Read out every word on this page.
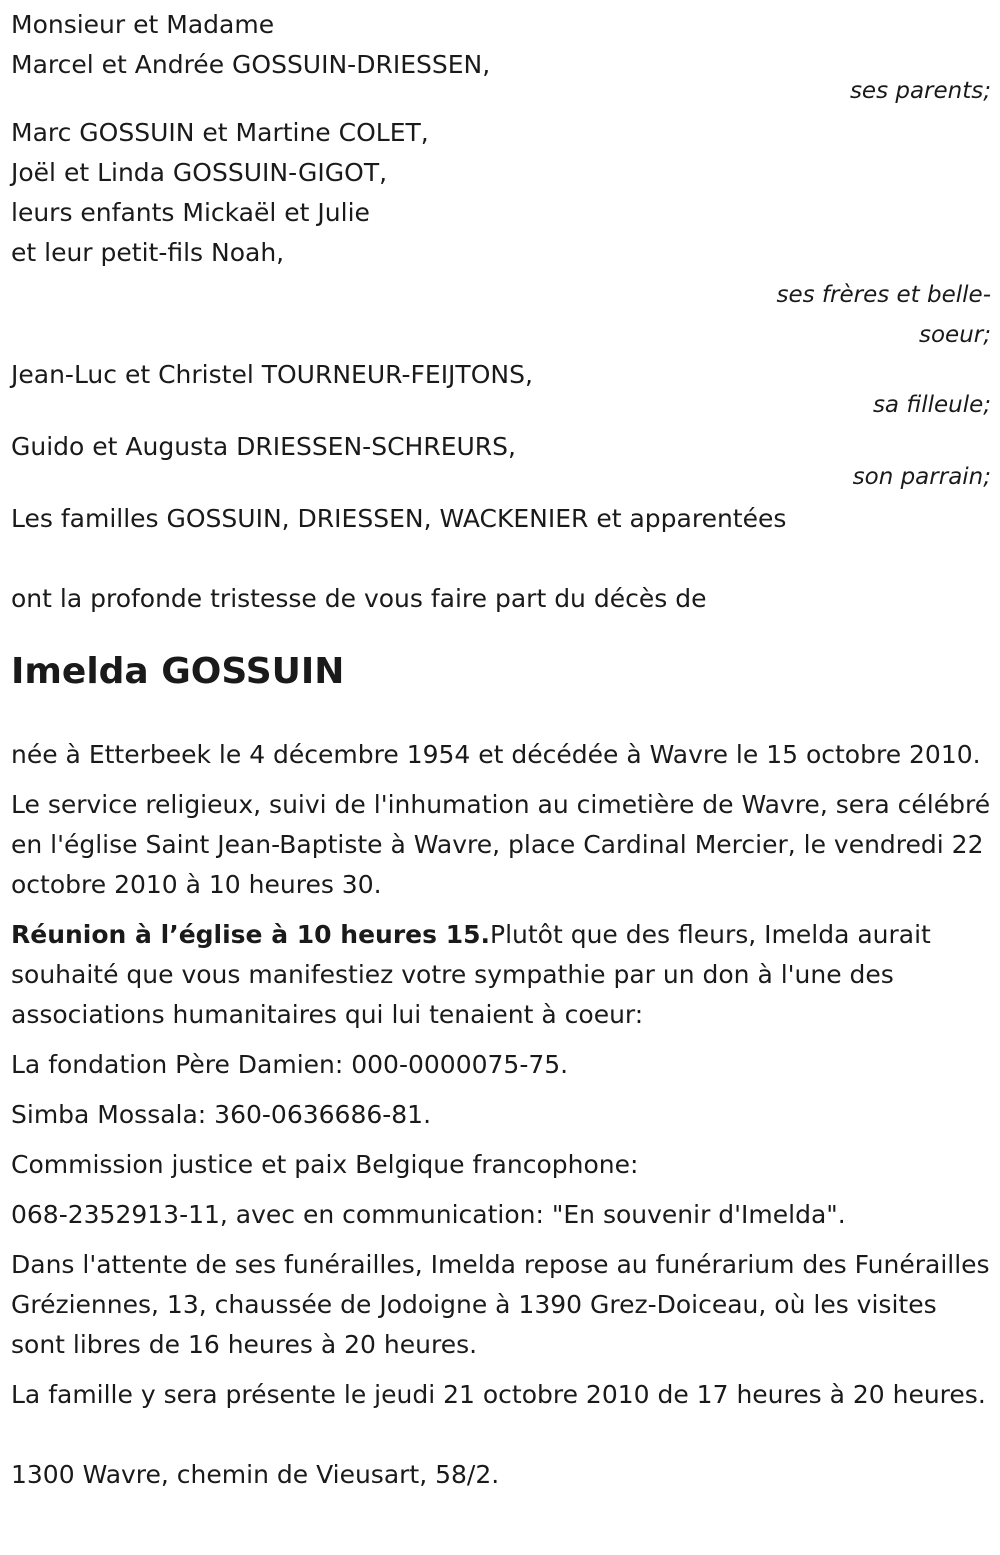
Monsieur et Madame
Marcel et Andrée GOSSUIN-DRIESSEN,
ses parents;
Marc GOSSUIN et Martine COLET,
Joël et Linda GOSSUIN-GIGOT,
leurs enfants Mickaël et Julie
et leur petit-fils Noah,
ses frères et belle-
soeur;
Jean-Luc et Christel TOURNEUR-FEIJTONS,
sa filleule;
Guido et Augusta DRIESSEN-SCHREURS,
son parrain;
Les familles GOSSUIN, DRIESSEN, WACKENIER et apparentées
ont la profonde tristesse de vous faire part du décès de
Imelda GOSSUIN
née à Etterbeek le 4 décembre 1954 et décédée à Wavre le 15 octobre 2010.
Le service religieux, suivi de l'inhumation au cimetière de Wavre, sera célébré en l'église Saint Jean-Baptiste à Wavre, place Cardinal Mercier, le vendredi 22 octobre 2010 à 10 heures 30.
Réunion à l’église à 10 heures 15.Plutôt que des fleurs, Imelda aurait souhaité que vous manifestiez votre sympathie par un don à l'une des associations humanitaires qui lui tenaient à coeur:
La fondation Père Damien: 000-0000075-75.
Simba Mossala: 360-0636686-81.
Commission justice et paix Belgique francophone:
068-2352913-11, avec en communication: "En souvenir d'Imelda".
Dans l'attente de ses funérailles, Imelda repose au funérarium des Funérailles Gréziennes, 13, chaussée de Jodoigne à 1390 Grez-Doiceau, où les visites sont libres de 16 heures à 20 heures.
La famille y sera présente le jeudi 21 octobre 2010 de 17 heures à 20 heures.
1300 Wavre, chemin de Vieusart, 58/2.
